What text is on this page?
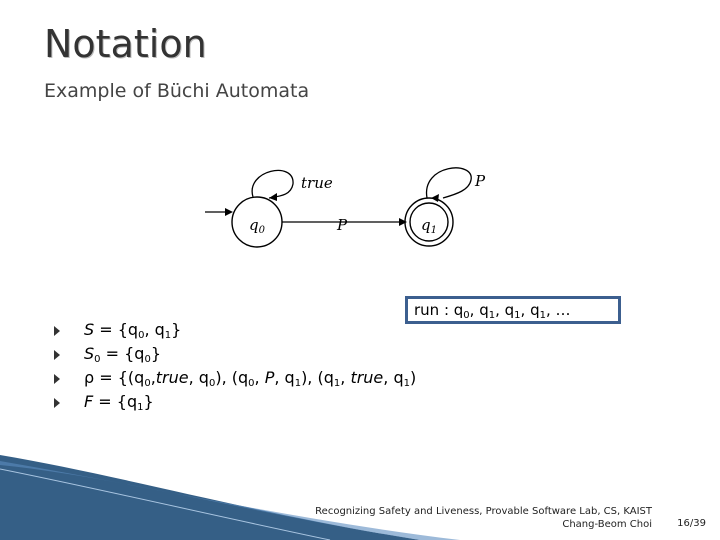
Notation
Example of Büchi Automata
$q_0$
true
P	$q_1$
P
run : $q_0$, $q_1$, $q_1$, $q_1$, …
$S = \{q_0$, $q_1$}
$S_0 = \{q_0\}$
$\rho = \{(q_0,true$, $q_0$), ($q_0$, P, $q_1$), ($q_1$, true, $q_1$)
$F = \{q_1\}$
Recognizing Safety and Liveness, Provable Software Lab, CS, KAIST
Chang-Beom Choi	16/39
